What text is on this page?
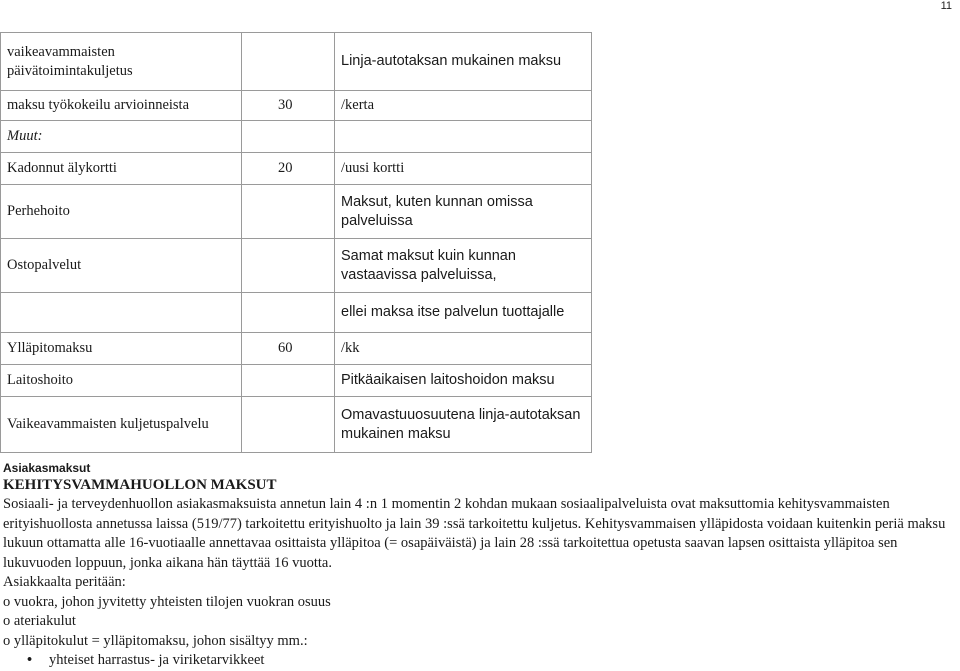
11
vaikeavammaisten päivätoimintakuljetus		Linja-autotaksan mukainen maksu
maksu työkokeilu arvioinneista	30	/kerta
Muut:		
Kadonnut älykortti	20	/uusi kortti
Perhehoito		Maksut, kuten kunnan omissa palveluissa
Ostopalvelut		Samat maksut kuin kunnan vastaavissa palveluissa,
		ellei maksa itse palvelun tuottajalle
Ylläpitomaksu	60	/kk
Laitoshoito		Pitkäaikaisen laitoshoidon maksu
Vaikeavammaisten kuljetuspalvelu		Omavastuuosuutena linja-autotaksan mukainen maksu
Asiakasmaksut
KEHITYSVAMMAHUOLLON MAKSUT

Sosiaali- ja terveydenhuollon asiakasmaksuista annetun lain 4 :n 1 momentin 2 kohdan mukaan sosiaalipalveluista ovat maksuttomia kehitysvammaisten erityishuollosta annetussa laissa (519/77) tarkoitettu erityishuolto ja lain 39 :ssä tarkoitettu kuljetus. Kehitysvammaisen ylläpidosta voidaan kuitenkin periä maksu lukuun ottamatta alle 16-vuotiaalle annettavaa osittaista ylläpitoa (= osapäiväistä) ja lain 28 :ssä tarkoitettua opetusta saavan lapsen osittaista ylläpitoa sen lukuvuoden loppuun, jonka aikana hän täyttää 16 vuotta.

Asiakkaalta peritään:

o vuokra, johon jyvitetty yhteisten tilojen vuokran osuus

o ateriakulut

o ylläpitokulut = ylläpitomaksu, johon sisältyy mm.:

•	yhteiset harrastus- ja viriketarvikkeet
